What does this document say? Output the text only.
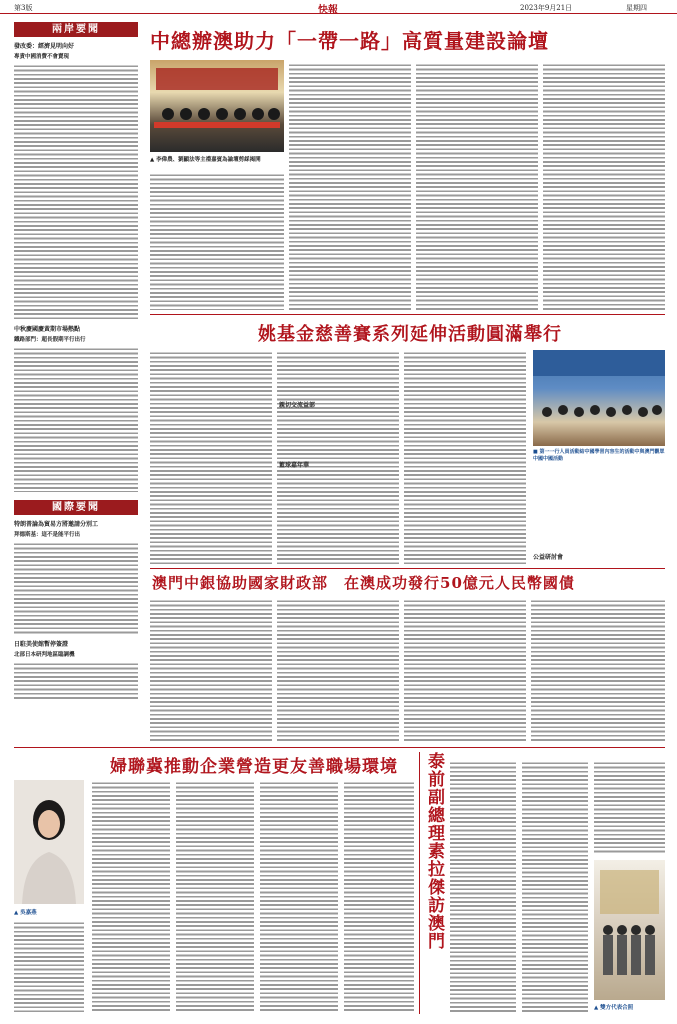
第3版	快報	2023年9月21日	星期四
兩岸要聞
發改委：經濟見明向好
專責中國消費不會賣現
中秋慶國慶黃期市場熱點
鐵路部門：超長假期平行出行
國際要聞
特朗普論為貿易方將邀請分別工
拜德斯基：這不是能平行出
日駐美使館暫停簽證
北部日本研判地區臨調機
中總辦澳助力「一帶一路」高質量建設論壇
▲ 李偉農、劉顯法等主禮嘉賓為論壇剪綵揭開
姚基金慈善賽系列延伸活動圓滿舉行
■ 第一一行人員活動結中國學習內容生的活動中與澳門觀眾中國中國活動
親切交流益部
籃球嘉年華
公益研討會
澳門中銀協助國家財政部　在澳成功發行50億元人民幣國債
婦聯冀推動企業營造更友善職場環境
▲ 吳嘉燕	泰前副總理素拉傑訪澳門
▲ 雙方代表合照
